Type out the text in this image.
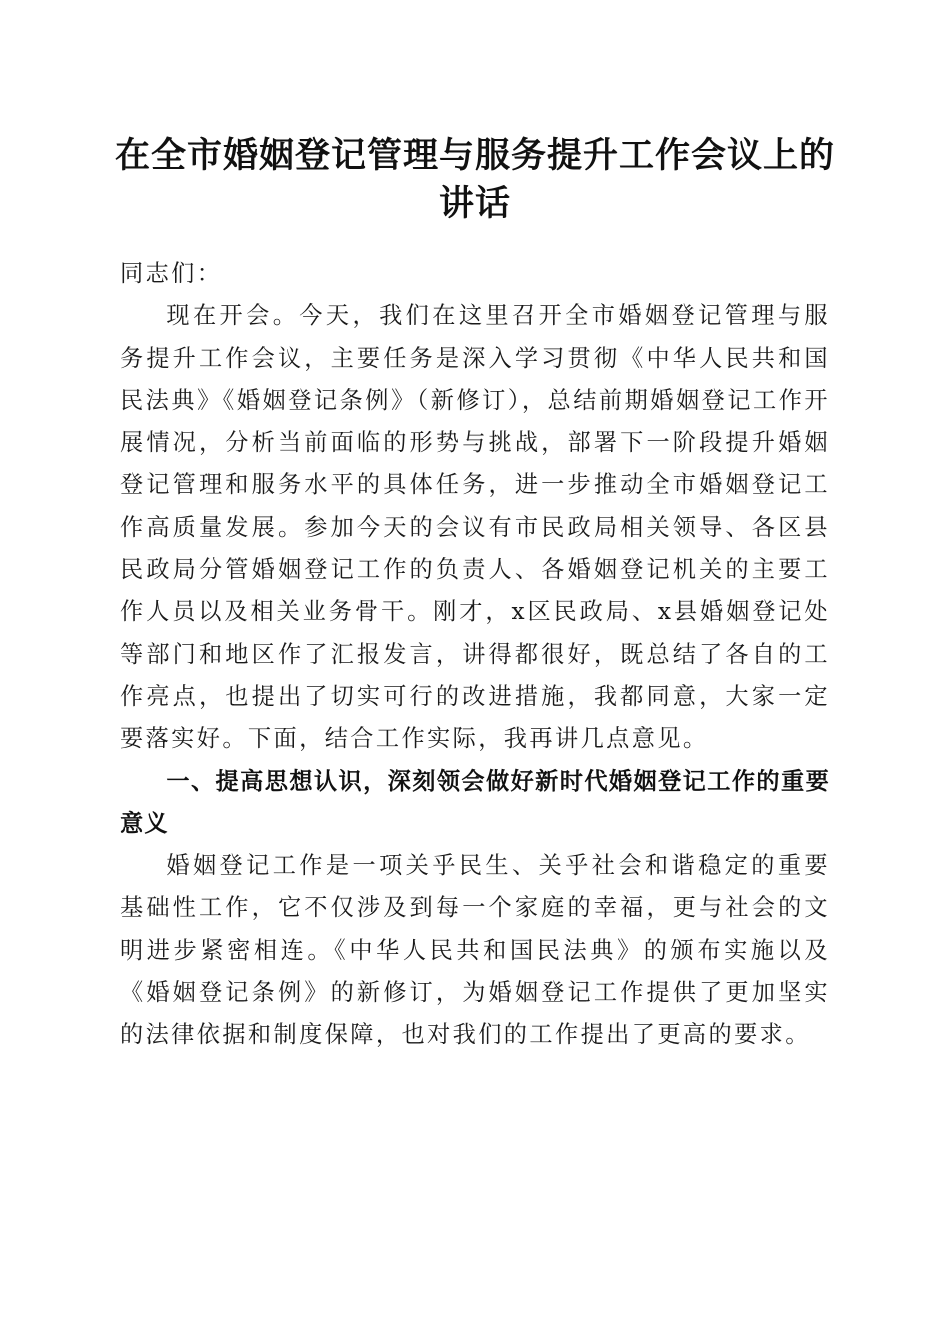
在全市婚姻登记管理与服务提升工作会议上的讲话

同志们：

现在开会。今天，我们在这里召开全市婚姻登记管理与服务提升工作会议，主要任务是深入学习贯彻《中华人民共和国民法典》《婚姻登记条例》（新修订），总结前期婚姻登记工作开展情况，分析当前面临的形势与挑战，部署下一阶段提升婚姻登记管理和服务水平的具体任务，进一步推动全市婚姻登记工作高质量发展。参加今天的会议有市民政局相关领导、各区县民政局分管婚姻登记工作的负责人、各婚姻登记机关的主要工作人员以及相关业务骨干。刚才，x区民政局、x县婚姻登记处等部门和地区作了汇报发言，讲得都很好，既总结了各自的工作亮点，也提出了切实可行的改进措施，我都同意，大家一定要落实好。下面，结合工作实际，我再讲几点意见。

一、提高思想认识，深刻领会做好新时代婚姻登记工作的重要意义

婚姻登记工作是一项关乎民生、关乎社会和谐稳定的重要基础性工作，它不仅涉及到每一个家庭的幸福，更与社会的文明进步紧密相连。《中华人民共和国民法典》的颁布实施以及《婚姻登记条例》的新修订，为婚姻登记工作提供了更加坚实的法律依据和制度保障，也对我们的工作提出了更高的要求。
